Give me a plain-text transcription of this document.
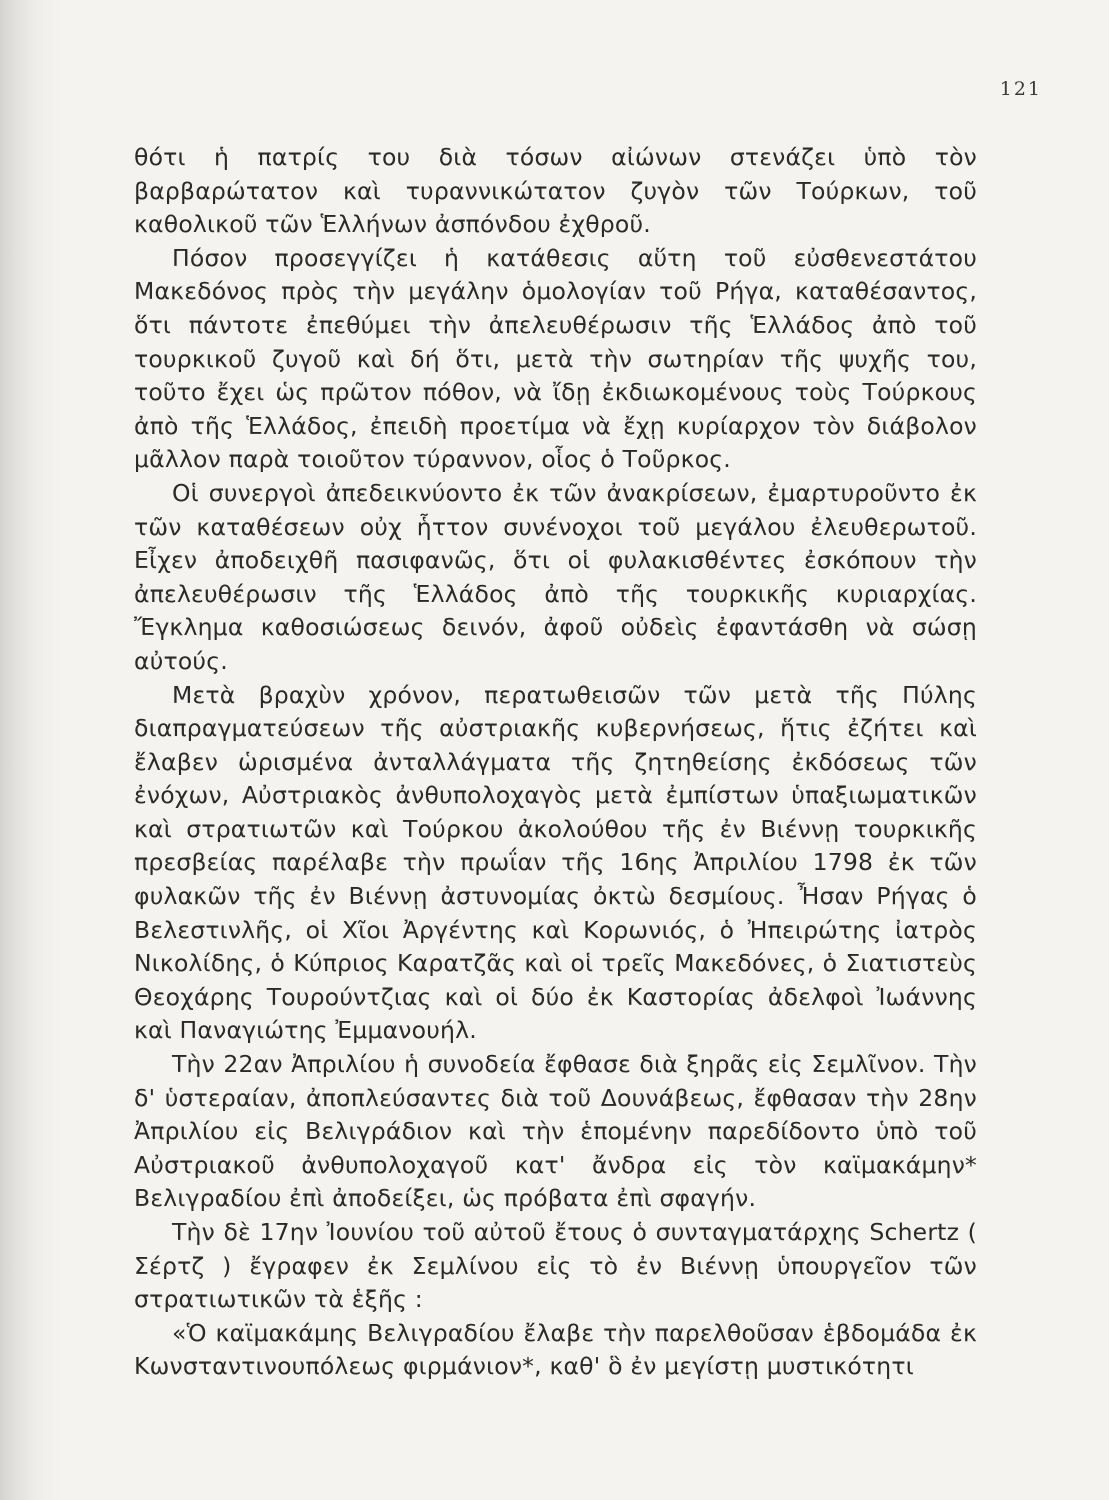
121

θότι ἡ πατρίς του διὰ τόσων αἰώνων στενάζει ὑπὸ τὸν βαρβαρώτατον καὶ τυραννικώτατον ζυγὸν τῶν Τούρκων, τοῦ καθολικοῦ τῶν Ἑλλήνων ἀσπόνδου ἐχθροῦ.

Πόσον προσεγγίζει ἡ κατάθεσις αὕτη τοῦ εὐσθενεστάτου Μακεδόνος πρὸς τὴν μεγάλην ὁμολογίαν τοῦ Ρήγα, καταθέσαντος, ὅτι πάντοτε ἐπεθύμει τὴν ἀπελευθέρωσιν τῆς Ἑλλάδος ἀπὸ τοῦ τουρκικοῦ ζυγοῦ καὶ δή ὅτι, μετὰ τὴν σωτηρίαν τῆς ψυχῆς του, τοῦτο ἔχει ὡς πρῶτον πόθον, νὰ ἴδῃ ἐκδιωκομένους τοὺς Τούρκους ἀπὸ τῆς Ἑλλάδος, ἐπειδὴ προετίμα νὰ ἔχῃ κυρίαρχον τὸν διάβολον μᾶλλον παρὰ τοιοῦτον τύραννον, οἷος ὁ Τοῦρκος.

Οἱ συνεργοὶ ἀπεδεικνύοντο ἐκ τῶν ἀνακρίσεων, ἐμαρτυροῦντο ἐκ τῶν καταθέσεων οὐχ ἧττον συνένοχοι τοῦ μεγάλου ἐλευθερωτοῦ. Εἶχεν ἀποδειχθῆ πασιφανῶς, ὅτι οἱ φυλακισθέντες ἐσκόπουν τὴν ἀπελευθέρωσιν τῆς Ἑλλάδος ἀπὸ τῆς τουρκικῆς κυριαρχίας. Ἔγκλημα καθοσιώσεως δεινόν, ἀφοῦ οὐδεὶς ἐφαντάσθη νὰ σώσῃ αὐτούς.

Μετὰ βραχὺν χρόνον, περατωθεισῶν τῶν μετὰ τῆς Πύλης διαπραγματεύσεων τῆς αὐστριακῆς κυβερνήσεως, ἥτις ἐζήτει καὶ ἔλαβεν ὡρισμένα ἀνταλλάγματα τῆς ζητηθείσης ἐκδόσεως τῶν ἐνόχων, Αὐστριακὸς ἀνθυπολοχαγὸς μετὰ ἐμπίστων ὑπαξιωματικῶν καὶ στρατιωτῶν καὶ Τούρκου ἀκολούθου τῆς ἐν Βιέννῃ τουρκικῆς πρεσβείας παρέλαβε τὴν πρωΐαν τῆς 16ης Ἀπριλίου 1798 ἐκ τῶν φυλακῶν τῆς ἐν Βιέννῃ ἀστυνομίας ὀκτὼ δεσμίους. Ἦσαν Ρήγας ὁ Βελεστινλῆς, οἱ Χῖοι Ἀργέντης καὶ Κορωνιός, ὁ Ἠπειρώτης ἰατρὸς Νικολίδης, ὁ Κύπριος Καρατζᾶς καὶ οἱ τρεῖς Μακεδόνες, ὁ Σιατιστεὺς Θεοχάρης Τουρούντζιας καὶ οἱ δύο ἐκ Καστορίας ἀδελφοὶ Ἰωάννης καὶ Παναγιώτης Ἐμμανουήλ.

Τὴν 22αν Ἀπριλίου ἡ συνοδεία ἔφθασε διὰ ξηρᾶς εἰς Σεμλῖνον. Τὴν δ' ὑστεραίαν, ἀποπλεύσαντες διὰ τοῦ Δουνάβεως, ἔφθασαν τὴν 28ην Ἀπριλίου εἰς Βελιγράδιον καὶ τὴν ἑπομένην παρεδίδοντο ὑπὸ τοῦ Αὐστριακοῦ ἀνθυπολοχαγοῦ κατ' ἄνδρα εἰς τὸν καϊμακάμην* Βελιγραδίου ἐπὶ ἀποδείξει, ὡς πρόβατα ἐπὶ σφαγήν.

Τὴν δὲ 17ην Ἰουνίου τοῦ αὐτοῦ ἔτους ὁ συνταγματάρχης Schertz ( Σέρτζ ) ἔγραφεν ἐκ Σεμλίνου εἰς τὸ ἐν Βιέννῃ ὑπουργεῖον τῶν στρατιωτικῶν τὰ ἑξῆς :

«Ὁ καϊμακάμης Βελιγραδίου ἔλαβε τὴν παρελθοῦσαν ἑβδομάδα ἐκ Κωνσταντινουπόλεως φιρμάνιον*, καθ' ὃ ἐν μεγίστῃ μυστικότητι
